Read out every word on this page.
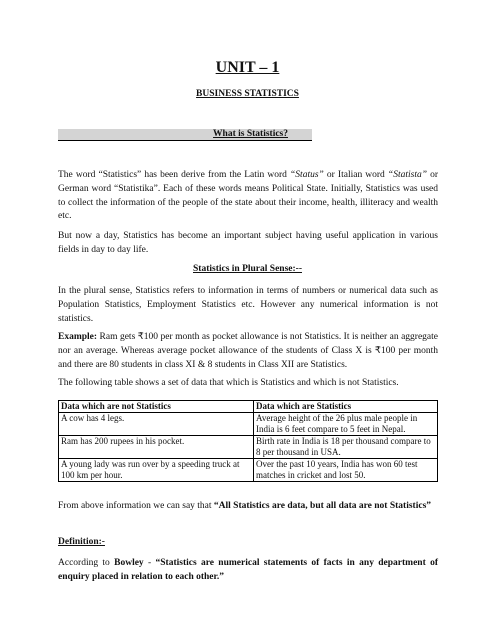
UNIT – 1
BUSINESS STATISTICS
What is Statistics?

The word “Statistics” has been derive from the Latin word “Status” or Italian word “Statista” or German word “Statistika”. Each of these words means Political State. Initially, Statistics was used to collect the information of the people of the state about their income, health, illiteracy and wealth etc.

But now a day, Statistics has become an important subject having useful application in various fields in day to day life.

Statistics in Plural Sense:--

In the plural sense, Statistics refers to information in terms of numbers or numerical data such as Population Statistics, Employment Statistics etc. However any numerical information is not statistics.

Example: Ram gets ₹100 per month as pocket allowance is not Statistics. It is neither an aggregate nor an average. Whereas average pocket allowance of the students of Class X is ₹100 per month and there are 80 students in class XI & 8 students in Class XII are Statistics.

The following table shows a set of data that which is Statistics and which is not Statistics.

Data which are not Statistics	Data which are Statistics
A cow has 4 legs.	Average height of the 26 plus male people in India is 6 feet compare to 5 feet in Nepal.
Ram has 200 rupees in his pocket.	Birth rate in India is 18 per thousand compare to 8 per thousand in USA.
A young lady was run over by a speeding truck at 100 km per hour.	Over the past 10 years, India has won 60 test matches in cricket and lost 50.

From above information we can say that “All Statistics are data, but all data are not Statistics”

Definition:-

According to Bowley - “Statistics are numerical statements of facts in any department of enquiry placed in relation to each other.”
